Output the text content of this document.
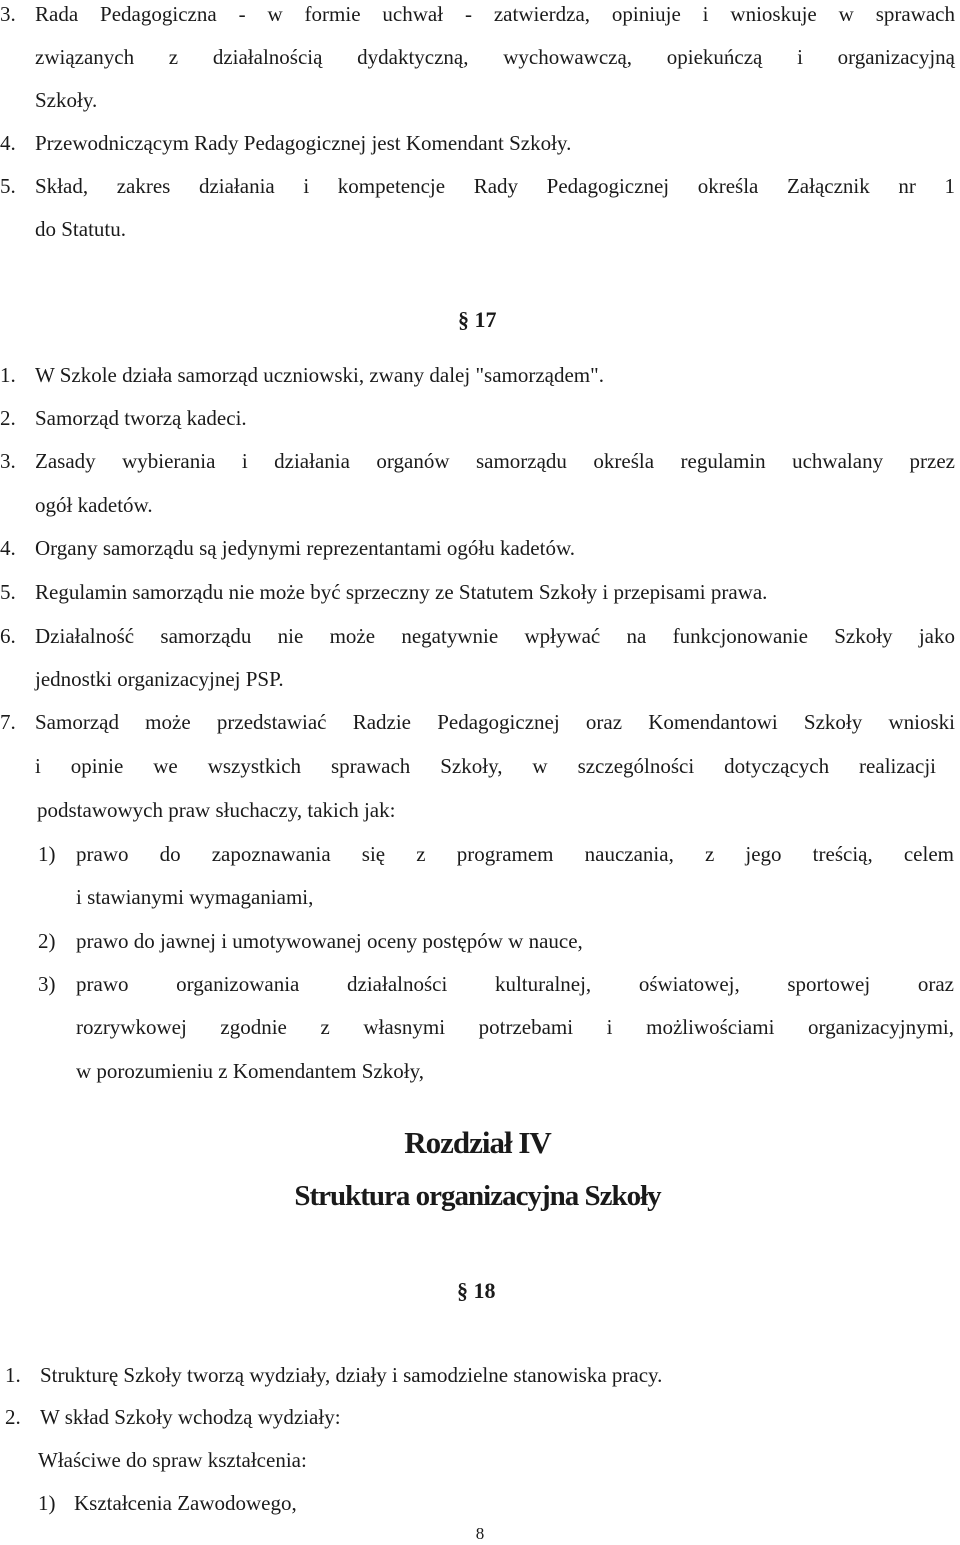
3. Rada Pedagogiczna - w formie uchwał - zatwierdza, opiniuje i wnioskuje w sprawach
związanych z działalnością dydaktyczną, wychowawczą, opiekuńczą i organizacyjną
Szkoły.
4. Przewodniczącym Rady Pedagogicznej jest Komendant Szkoły.
5. Skład, zakres działania i kompetencje Rady Pedagogicznej określa Załącznik nr 1
do Statutu.
§ 17
1. W Szkole działa samorząd uczniowski, zwany dalej "samorządem".
2. Samorząd tworzą kadeci.
3. Zasady wybierania i działania organów samorządu określa regulamin uchwalany przez
ogół kadetów.
4. Organy samorządu są jedynymi reprezentantami ogółu kadetów.
5. Regulamin samorządu nie może być sprzeczny ze Statutem Szkoły i przepisami prawa.
6. Działalność samorządu nie może negatywnie wpływać na funkcjonowanie Szkoły jako
jednostki organizacyjnej PSP.
7. Samorząd może przedstawiać Radzie Pedagogicznej oraz Komendantowi Szkoły wnioski
i opinie we wszystkich sprawach Szkoły, w szczególności dotyczących realizacji
podstawowych praw słuchaczy, takich jak:
1) prawo do zapoznawania się z programem nauczania, z jego treścią, celem
i stawianymi wymaganiami,
2) prawo do jawnej i umotywowanej oceny postępów w nauce,
3) prawo organizowania działalności kulturalnej, oświatowej, sportowej oraz
rozrywkowej zgodnie z własnymi potrzebami i możliwościami organizacyjnymi,
w porozumieniu z Komendantem Szkoły,
Rozdział IV
Struktura organizacyjna Szkoły
§ 18
1. Strukturę Szkoły tworzą wydziały, działy i samodzielne stanowiska pracy.
2. W skład Szkoły wchodzą wydziały:
Właściwe do spraw kształcenia:
1) Kształcenia Zawodowego,
8
